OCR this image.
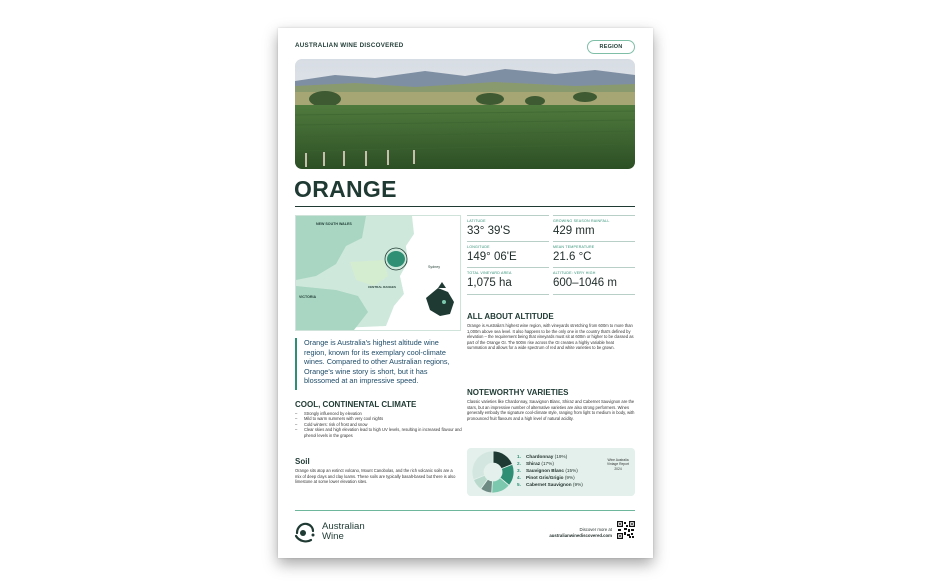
AUSTRALIAN WINE DISCOVERED	REGION
ORANGE
NEW SOUTH WALES
VICTORIA
Sydney
CENTRAL RANGES
LATITUDE
33° 39'S
GROWING SEASON RAINFALL
429 mm
LONGITUDE
149° 06'E
MEAN TEMPERATURE
21.6 °C
TOTAL VINEYARD AREA
1,075 ha
ALTITUDE: VERY HIGH
600–1046 m
Orange is Australia's highest altitude wine region, known for its exemplary cool-climate wines. Compared to other Australian regions, Orange's wine story is short, but it has blossomed at an impressive speed.
COOL, CONTINENTAL CLIMATE
– Strongly influenced by elevation
– Mild to warm summers with very cool nights
– Cold winters: risk of frost and snow
– Clear skies and high elevation lead to high UV levels, resulting in increased flavour and phenol levels in the grapes
Soil
Orange sits atop an extinct volcano, Mount Canobolas, and the rich volcanic soils are a mix of deep clays and clay loams. These soils are typically basalt-based but there is also limestone at some lower elevation sites.
ALL ABOUT ALTITUDE
Orange is Australia's highest wine region, with vineyards stretching from 600m to more than 1,000m above sea level. It also happens to be the only one in the country that's defined by elevation – the requirement being that vineyards must sit at 600m or higher to be classed as part of the Orange GI. The 500m rise across the GI creates a highly variable heat summation and allows for a wide spectrum of red and white varieties to be grown.
NOTEWORTHY VARIETIES
Classic varieties like Chardonnay, Sauvignon Blanc, Shiraz and Cabernet Sauvignon are the stars, but an impressive number of alternative varieties are also strong performers. Wines generally embody the signature cool-climate style, ranging from light to medium in body, with pronounced fruit flavours and a high level of natural acidity.
1. Chardonnay (19%)
2. Shiraz (17%)
3. Sauvignon Blanc (15%)
4. Pinot Gris/Grigio (9%)
5. Cabernet Sauvignon (9%)
Wine Australia
Vintage Report
2024
Australian
Wine
Discover more at
australianwinediscovered.com
